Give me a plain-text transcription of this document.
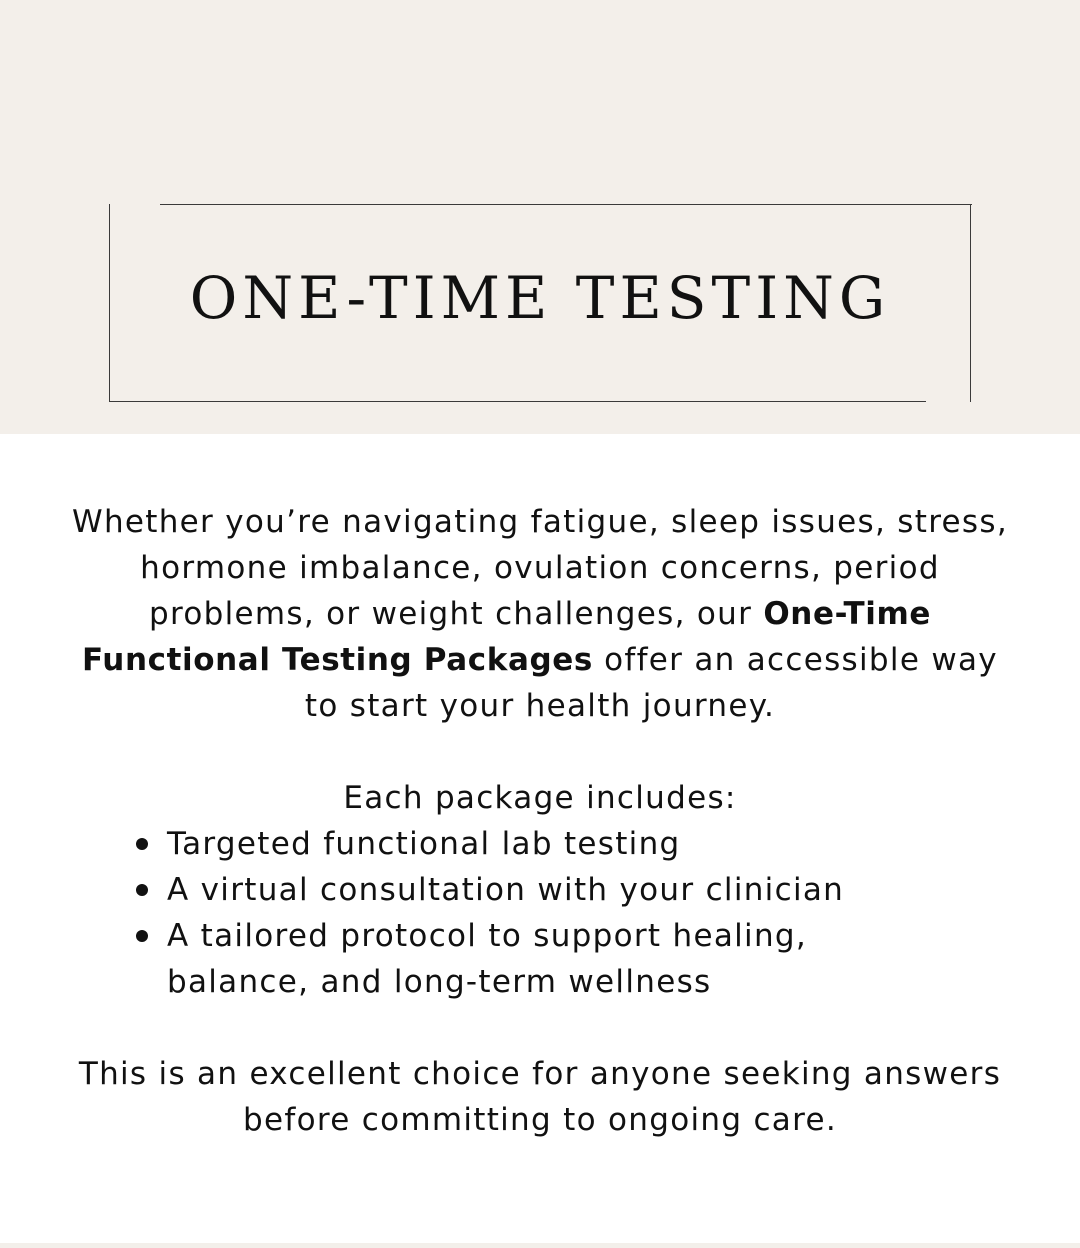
ONE-TIME TESTING

Whether you’re navigating fatigue, sleep issues, stress, hormone imbalance, ovulation concerns, period problems, or weight challenges, our One-Time Functional Testing Packages offer an accessible way to start your health journey.

Each package includes:

Targeted functional lab testing
A virtual consultation with your clinician
A tailored protocol to support healing, balance, and long-term wellness

This is an excellent choice for anyone seeking answers before committing to ongoing care.
